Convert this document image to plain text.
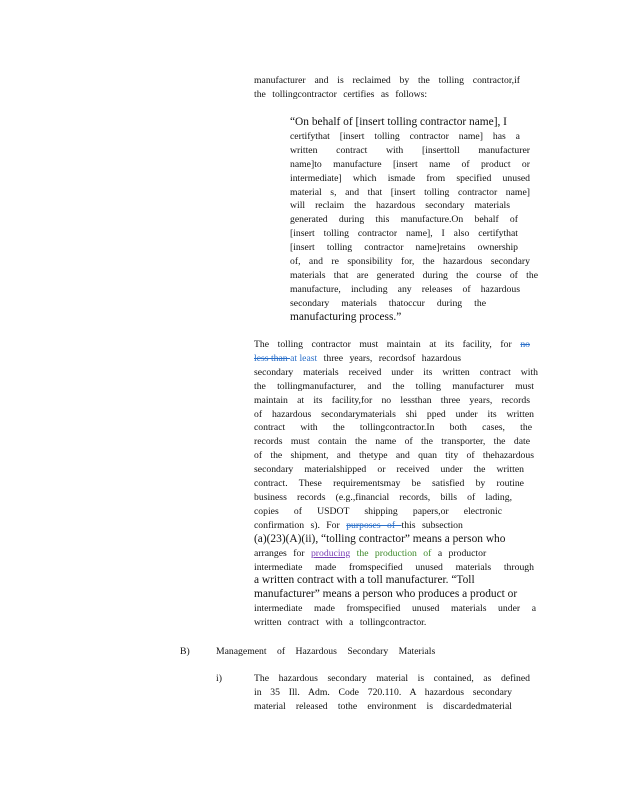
manufacturer and is reclaimed by the tolling contractor,if
the tollingcontractor certifies as follows:
“On behalf of [insert tolling contractor name], I
certifythat [insert tolling contractor name] has a
written contract with [inserttoll manufacturer
name]to manufacture [insert name of product or
intermediate] which ismade from specified unused
material s, and that [insert tolling contractor name]
will reclaim the hazardous secondary materials
generated during this manufacture.On behalf of
[insert tolling contractor name], I also certifythat
[insert tolling contractor name]retains ownership
of, and re sponsibility for, the hazardous secondary
materials that are generated during the course of the
manufacture, including any releases of hazardous
secondary materials thatoccur during the
manufacturing process.”
The tolling contractor must maintain at its facility, for no
less than at least three years, recordsof hazardous
secondary materials received under its written contract with
the tollingmanufacturer, and the tolling manufacturer must
maintain at its facility,for no lessthan three years, records
of hazardous secondarymaterials shi pped under its written
contract with the tollingcontractor.In both cases, the
records must contain the name of the transporter, the date
of the shipment, and thetype and quan tity of thehazardous
secondary materialshipped or received under the written
contract. These requirementsmay be satisfied by routine
business records (e.g.,financial records, bills of lading,
copies of USDOT shipping papers,or electronic
confirmation s). For purposes of this subsection
(a)(23)(A)(ii), “tolling contractor” means a person who
arranges for producing the production of a productor
intermediate made fromspecified unused materials through
a written contract with a toll manufacturer. “Toll
manufacturer” means a person who produces a product or
intermediate made fromspecified unused materials under a
written contract with a tollingcontractor.
B)	Management of Hazardous Secondary Materials
i)	The hazardous secondary material is contained, as defined
in 35 Ill. Adm. Code 720.110. A hazardous secondary
material released tothe environment is discardedmaterial
